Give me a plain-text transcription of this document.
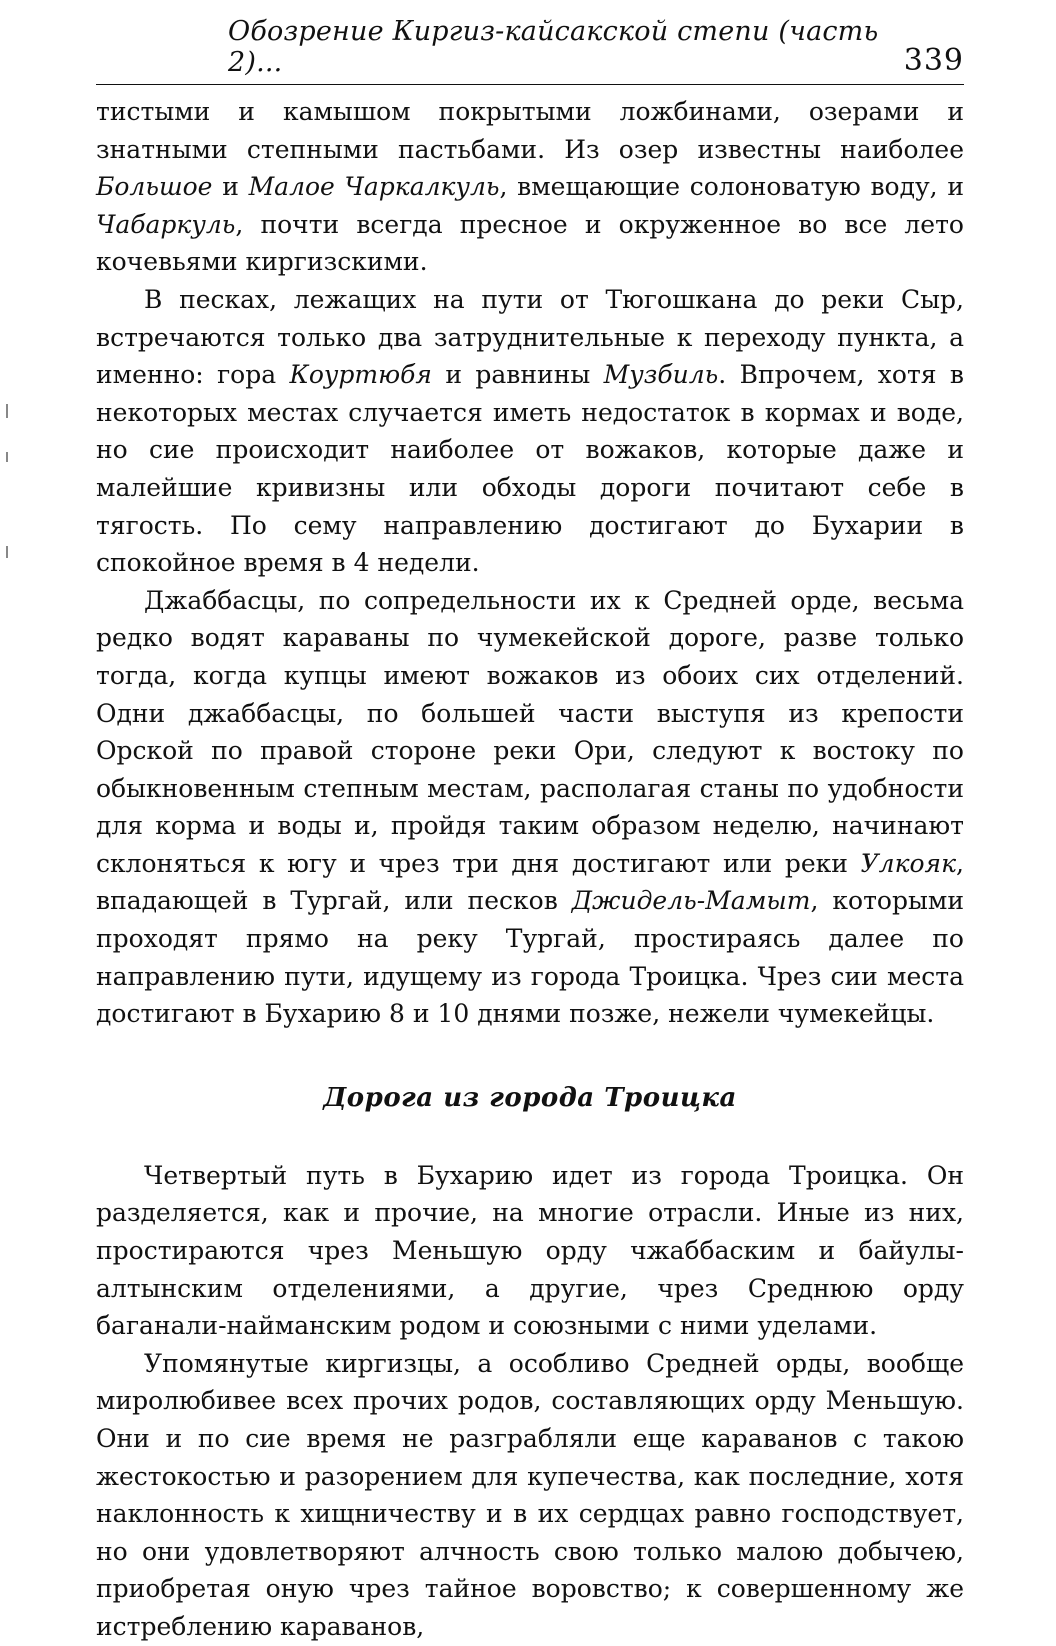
Обозрение Киргиз-кайсакской степи (часть 2)...	339

тистыми и камышом покрытыми ложбинами, озерами и знатными степными пастьбами. Из озер известны наиболее Большое и Малое Чаркалкуль, вмещающие солоноватую воду, и Чабаркуль, почти всегда пресное и окруженное во все лето кочевьями киргизскими.

В песках, лежащих на пути от Тюгошкана до реки Сыр, встречаются только два затруднительные к переходу пункта, а именно: гора Коуртюбя и равнины Музбиль. Впрочем, хотя в некоторых местах случается иметь недостаток в кормах и воде, но сие происходит наиболее от вожаков, которые даже и малейшие кривизны или обходы дороги почитают себе в тягость. По сему направлению достигают до Бухарии в спокойное время в 4 недели.

Джаббасцы, по сопредельности их к Средней орде, весьма редко водят караваны по чумекейской дороге, разве только тогда, когда купцы имеют вожаков из обоих сих отделений. Одни джаббасцы, по большей части выступя из крепости Орской по правой стороне реки Ори, следуют к востоку по обыкновенным степным местам, располагая станы по удобности для корма и воды и, пройдя таким образом неделю, начинают склоняться к югу и чрез три дня достигают или реки Улкояк, впадающей в Тургай, или песков Джидель-Мамыт, которыми проходят прямо на реку Тургай, простираясь далее по направлению пути, идущему из города Троицка. Чрез сии места достигают в Бухарию 8 и 10 днями позже, нежели чумекейцы.

Дорога из города Троицка

Четвертый путь в Бухарию идет из города Троицка. Он разделяется, как и прочие, на многие отрасли. Иные из них, простираются чрез Меньшую орду чжаббаским и байулы-алтынским отделениями, а другие, чрез Среднюю орду баганали-найманским родом и союзными с ними уделами.

Упомянутые киргизцы, а особливо Средней орды, вообще миролюбивее всех прочих родов, составляющих орду Меньшую. Они и по сие время не разграбляли еще караванов с такою жестокостью и разорением для купечества, как последние, хотя наклонность к хищничеству и в их сердцах равно господствует, но они удовлетворяют алчность свою только малою добычею, приобретая оную чрез тайное воровство; к совершенному же истреблению караванов,
